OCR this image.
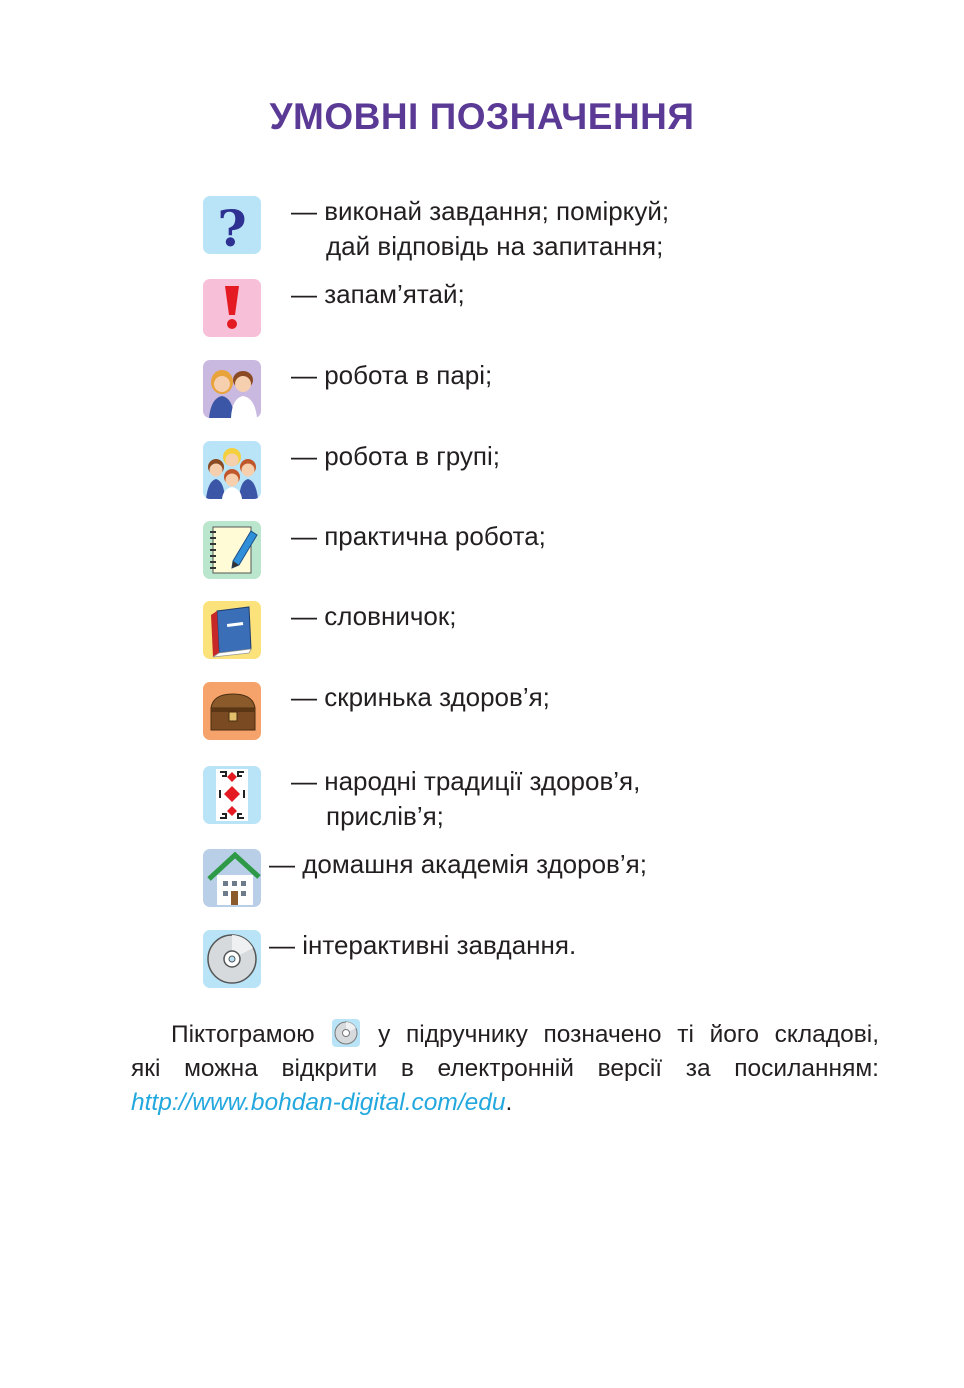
УМОВНІ ПОЗНАЧЕННЯ
? — виконай завдання; поміркуй;
дай відповідь на запитання;
— запам’ятай;
— робота в парі;
— робота в групі;
— практична робота;
— словничок;
— скринька здоров’я;
— народні традиції здоров’я,
прислів’я;
— домашня академія здоров’я;
— інтерактивні завдання.

Піктограмою	у підручнику позначено ті його складові,

які можна відкрити в електронній версії за посиланням:
http://www.bohdan-digital.com/edu.
